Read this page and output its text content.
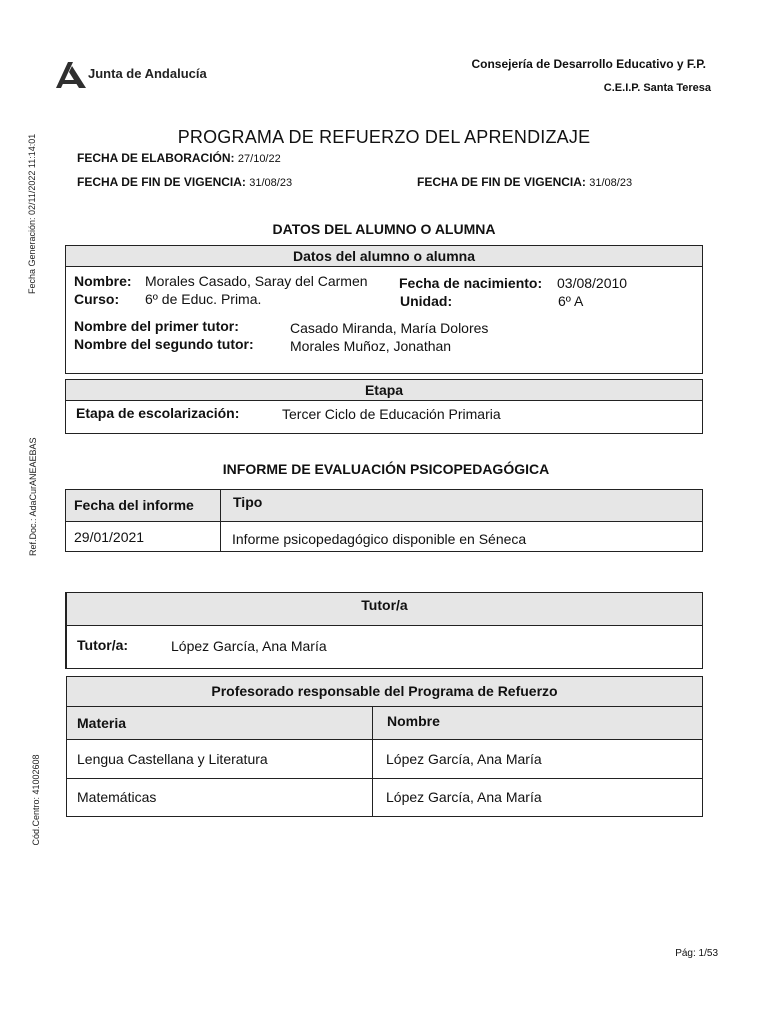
Junta de Andalucía
Consejería de Desarrollo Educativo y F.P.
C.E.I.P. Santa Teresa
Fecha Generación: 02/11/2022 11:14:01
Ref.Doc.: AdaCurANEAEBAS
Cód.Centro: 41002608
PROGRAMA DE REFUERZO DEL APRENDIZAJE
FECHA DE ELABORACIÓN: 27/10/22
FECHA DE FIN DE VIGENCIA: 31/08/23	FECHA DE FIN DE VIGENCIA: 31/08/23
DATOS DEL ALUMNO O ALUMNA
Datos del alumno o alumna
Nombre: Morales Casado, Saray del Carmen
Curso: 6º de Educ. Prima.
Fecha de nacimiento: 03/08/2010
Unidad:	6º A
Nombre del primer tutor:	Casado Miranda, María Dolores
Nombre del segundo tutor:	Morales Muñoz, Jonathan
Etapa
Etapa de escolarización:	Tercer Ciclo de Educación Primaria
INFORME DE EVALUACIÓN PSICOPEDAGÓGICA
Fecha del informe	Tipo
29/01/2021	Informe psicopedagógico disponible en Séneca
Tutor/a
Tutor/a:	López García, Ana María
Profesorado responsable del Programa de Refuerzo
Materia	Nombre
Lengua Castellana y Literatura	López García, Ana María
Matemáticas	López García, Ana María
Pág: 1/53
